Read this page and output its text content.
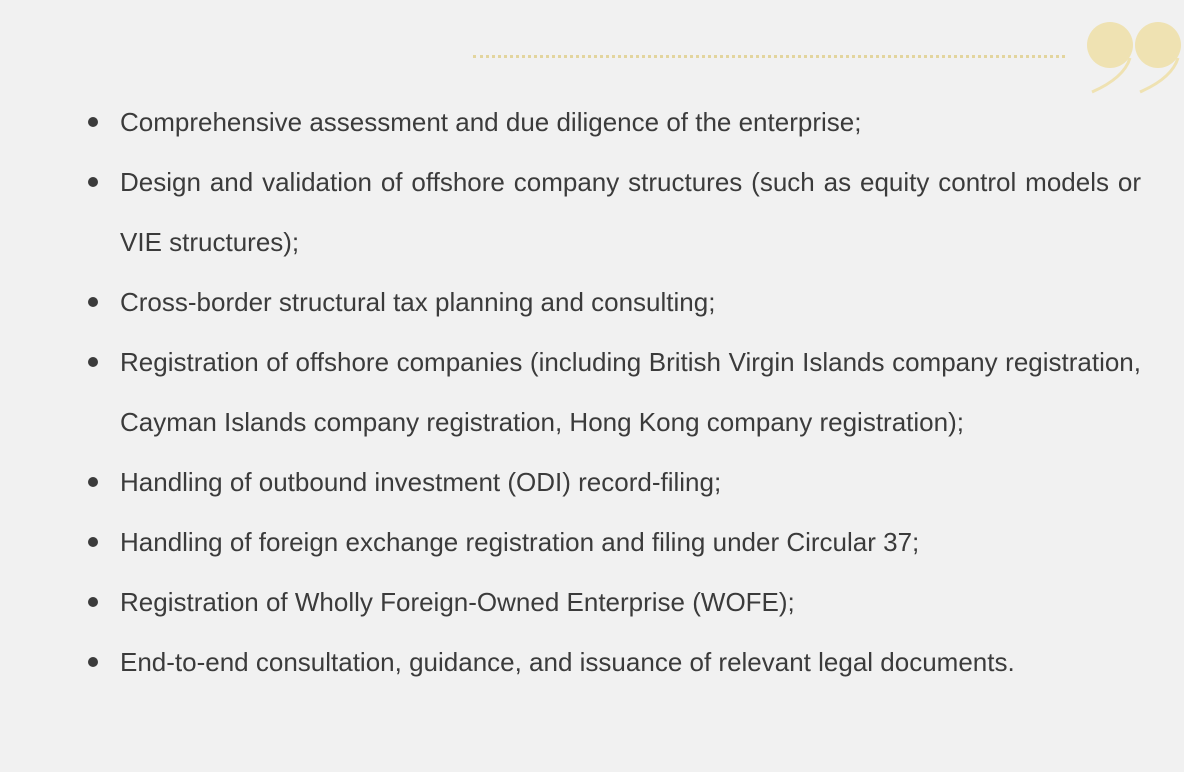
Comprehensive assessment and due diligence of the enterprise;
Design and validation of offshore company structures (such as equity control models or VIE structures);
Cross-border structural tax planning and consulting;
Registration of offshore companies (including British Virgin Islands company registration, Cayman Islands company registration, Hong Kong company registration);
Handling of outbound investment (ODI) record-filing;
Handling of foreign exchange registration and filing under Circular 37;
Registration of Wholly Foreign-Owned Enterprise (WOFE);
End-to-end consultation, guidance, and issuance of relevant legal documents.
